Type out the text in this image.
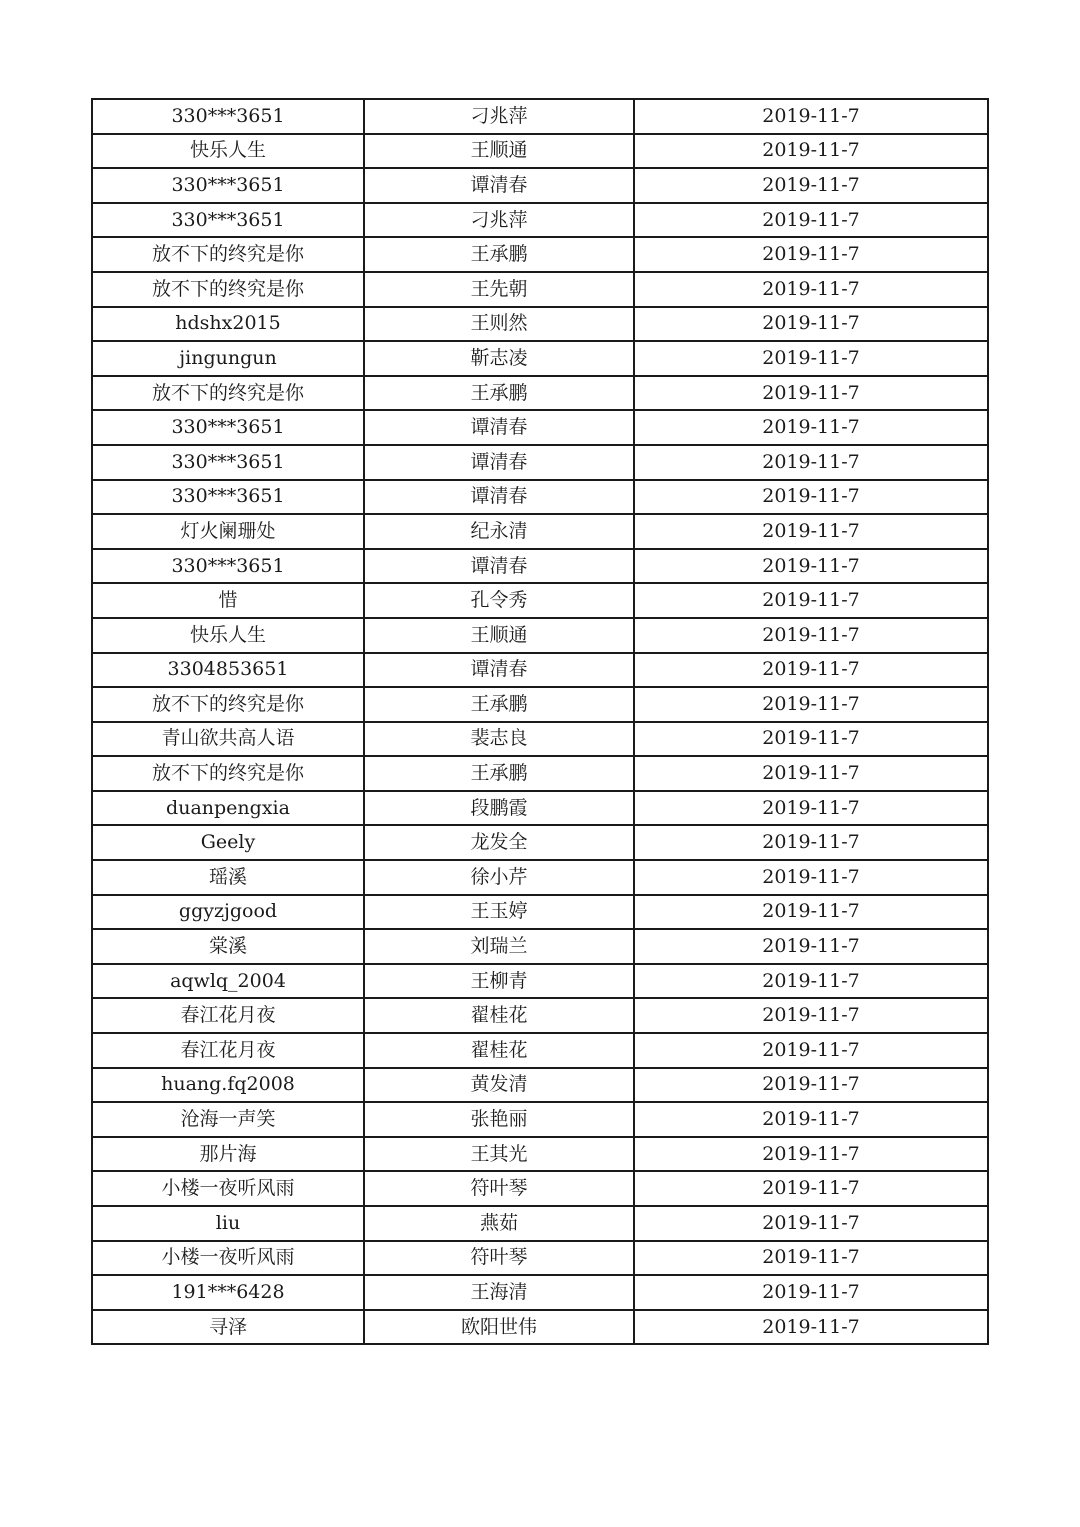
330***3651	刁兆萍	2019-11-7
快乐人生	王顺通	2019-11-7
330***3651	谭清春	2019-11-7
330***3651	刁兆萍	2019-11-7
放不下的终究是你	王承鹏	2019-11-7
放不下的终究是你	王先朝	2019-11-7
hdshx2015	王则然	2019-11-7
jingungun	靳志凌	2019-11-7
放不下的终究是你	王承鹏	2019-11-7
330***3651	谭清春	2019-11-7
330***3651	谭清春	2019-11-7
330***3651	谭清春	2019-11-7
灯火阑珊处	纪永清	2019-11-7
330***3651	谭清春	2019-11-7
惜	孔令秀	2019-11-7
快乐人生	王顺通	2019-11-7
3304853651	谭清春	2019-11-7
放不下的终究是你	王承鹏	2019-11-7
青山欲共高人语	裴志良	2019-11-7
放不下的终究是你	王承鹏	2019-11-7
duanpengxia	段鹏霞	2019-11-7
Geely	龙发全	2019-11-7
瑶溪	徐小芹	2019-11-7
ggyzjgood	王玉婷	2019-11-7
棠溪	刘瑞兰	2019-11-7
aqwlq_2004	王柳青	2019-11-7
春江花月夜	翟桂花	2019-11-7
春江花月夜	翟桂花	2019-11-7
huang.fq2008	黄发清	2019-11-7
沧海一声笑	张艳丽	2019-11-7
那片海	王其光	2019-11-7
小楼一夜听风雨	符叶琴	2019-11-7
liu	燕茹	2019-11-7
小楼一夜听风雨	符叶琴	2019-11-7
191***6428	王海清	2019-11-7
寻泽	欧阳世伟	2019-11-7
